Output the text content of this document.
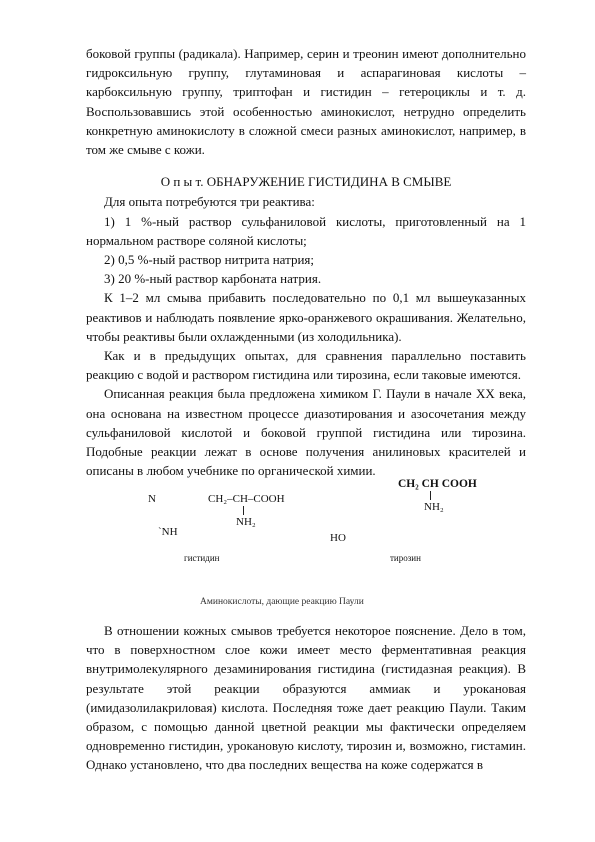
боковой группы (радикала). Например, серин и треонин имеют дополнительно гидроксильную группу, глутаминовая и аспарагиновая кислоты – карбоксильную группу, триптофан и гистидин – гетероциклы и т. д. Воспользовавшись этой особенностью аминокислот, нетрудно определить конкретную аминокислоту в сложной смеси разных аминокислот, например, в том же смыве с кожи.

О п ы т. ОБНАРУЖЕНИЕ ГИСТИДИНА В СМЫВЕ

Для опыта потребуются три реактива:

1) 1 %-ный раствор сульфаниловой кислоты, приготовленный на 1 нормальном растворе соляной кислоты;

2) 0,5 %-ный раствор нитрита натрия;

3) 20 %-ный раствор карбоната натрия.

К 1–2 мл смыва прибавить последовательно по 0,1 мл вышеуказанных реактивов и наблюдать появление ярко-оранжевого окрашивания. Желательно, чтобы реактивы были охлажденными (из холодильника).

Как и в предыдущих опытах, для сравнения параллельно поставить реакцию с водой и раствором гистидина или тирозина, если таковые имеются.

Описанная реакция была предложена химиком Г. Паули в начале XX века, она основана на известном процессе диазотирования и азосочетания между сульфаниловой кислотой и боковой группой гистидина или тирозина. Подобные реакции лежат в основе получения анилиновых красителей и описаны в любом учебнике по органической химии.

N	CH₂–CH–COOH
NH₂
ˋNH
гистидин
HO
CH₂ CH COOH
NH₂
тирозин
Аминокислоты, дающие реакцию Паули

В отношении кожных смывов требуется некоторое пояснение. Дело в том, что в поверхностном слое кожи имеет место ферментативная реакция внутримолекулярного дезаминирования гистидина (гистидазная реакция). В результате этой реакции образуются аммиак и урокановая (имидазолилакриловая) кислота. Последняя тоже дает реакцию Паули. Таким образом, с помощью данной цветной реакции мы фактически определяем одновременно гистидин, урокановую кислоту, тирозин и, возможно, гистамин. Однако установлено, что два последних вещества на коже содержатся в
